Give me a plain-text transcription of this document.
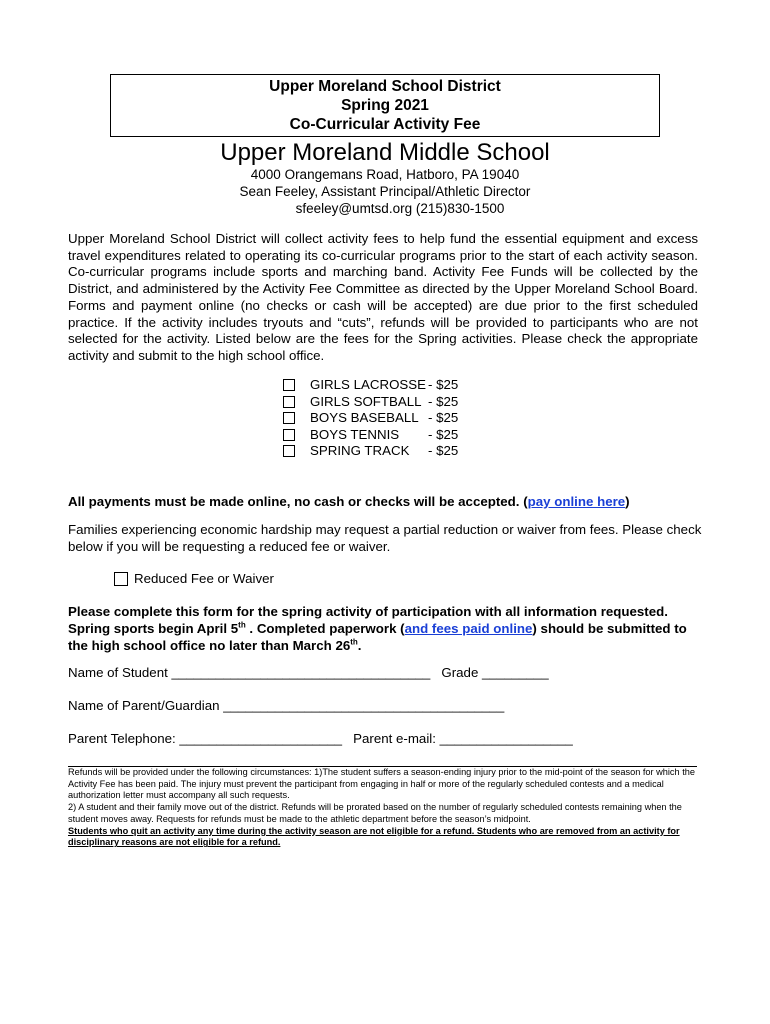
Upper Moreland School District
Spring 2021
Co-Curricular Activity Fee
Upper Moreland Middle School
4000 Orangemans Road, Hatboro, PA 19040
Sean Feeley, Assistant Principal/Athletic Director
sfeeley@umtsd.org (215)830-1500
Upper Moreland School District will collect activity fees to help fund the essential equipment and excess travel expenditures related to operating its co-curricular programs prior to the start of each activity season. Co-curricular programs include sports and marching band. Activity Fee Funds will be collected by the District, and administered by the Activity Fee Committee as directed by the Upper Moreland School Board. Forms and payment online (no checks or cash will be accepted) are due prior to the first scheduled practice. If the activity includes tryouts and “cuts”, refunds will be provided to participants who are not selected for the activity. Listed below are the fees for the Spring activities. Please check the appropriate activity and submit to the high school office.
GIRLS LACROSSE - $25
GIRLS SOFTBALL - $25
BOYS BASEBALL - $25
BOYS TENNIS	- $25
SPRING TRACK	- $25
All payments must be made online, no cash or checks will be accepted. (pay online here)
Families experiencing economic hardship may request a partial reduction or waiver from fees. Please check below if you will be requesting a reduced fee or waiver.
Reduced Fee or Waiver
Please complete this form for the spring activity of participation with all information requested. Spring sports begin April 5th . Completed paperwork (and fees paid online) should be submitted to the high school office no later than March 26th.
Name of Student ___________________________________   Grade _________
Name of Parent/Guardian ______________________________________
Parent Telephone: ______________________   Parent e-mail: __________________
Refunds will be provided under the following circumstances: 1)The student suffers a season-ending injury prior to the mid-point of the season for which the Activity Fee has been paid. The injury must prevent the participant from engaging in half or more of the regularly scheduled contests and a medical authorization letter must accompany all such requests.
2) A student and their family move out of the district. Refunds will be prorated based on the number of regularly scheduled contests remaining when the student moves away. Requests for refunds must be made to the athletic department before the season’s midpoint.
Students who quit an activity any time during the activity season are not eligible for a refund. Students who are removed from an activity for disciplinary reasons are not eligible for a refund.
